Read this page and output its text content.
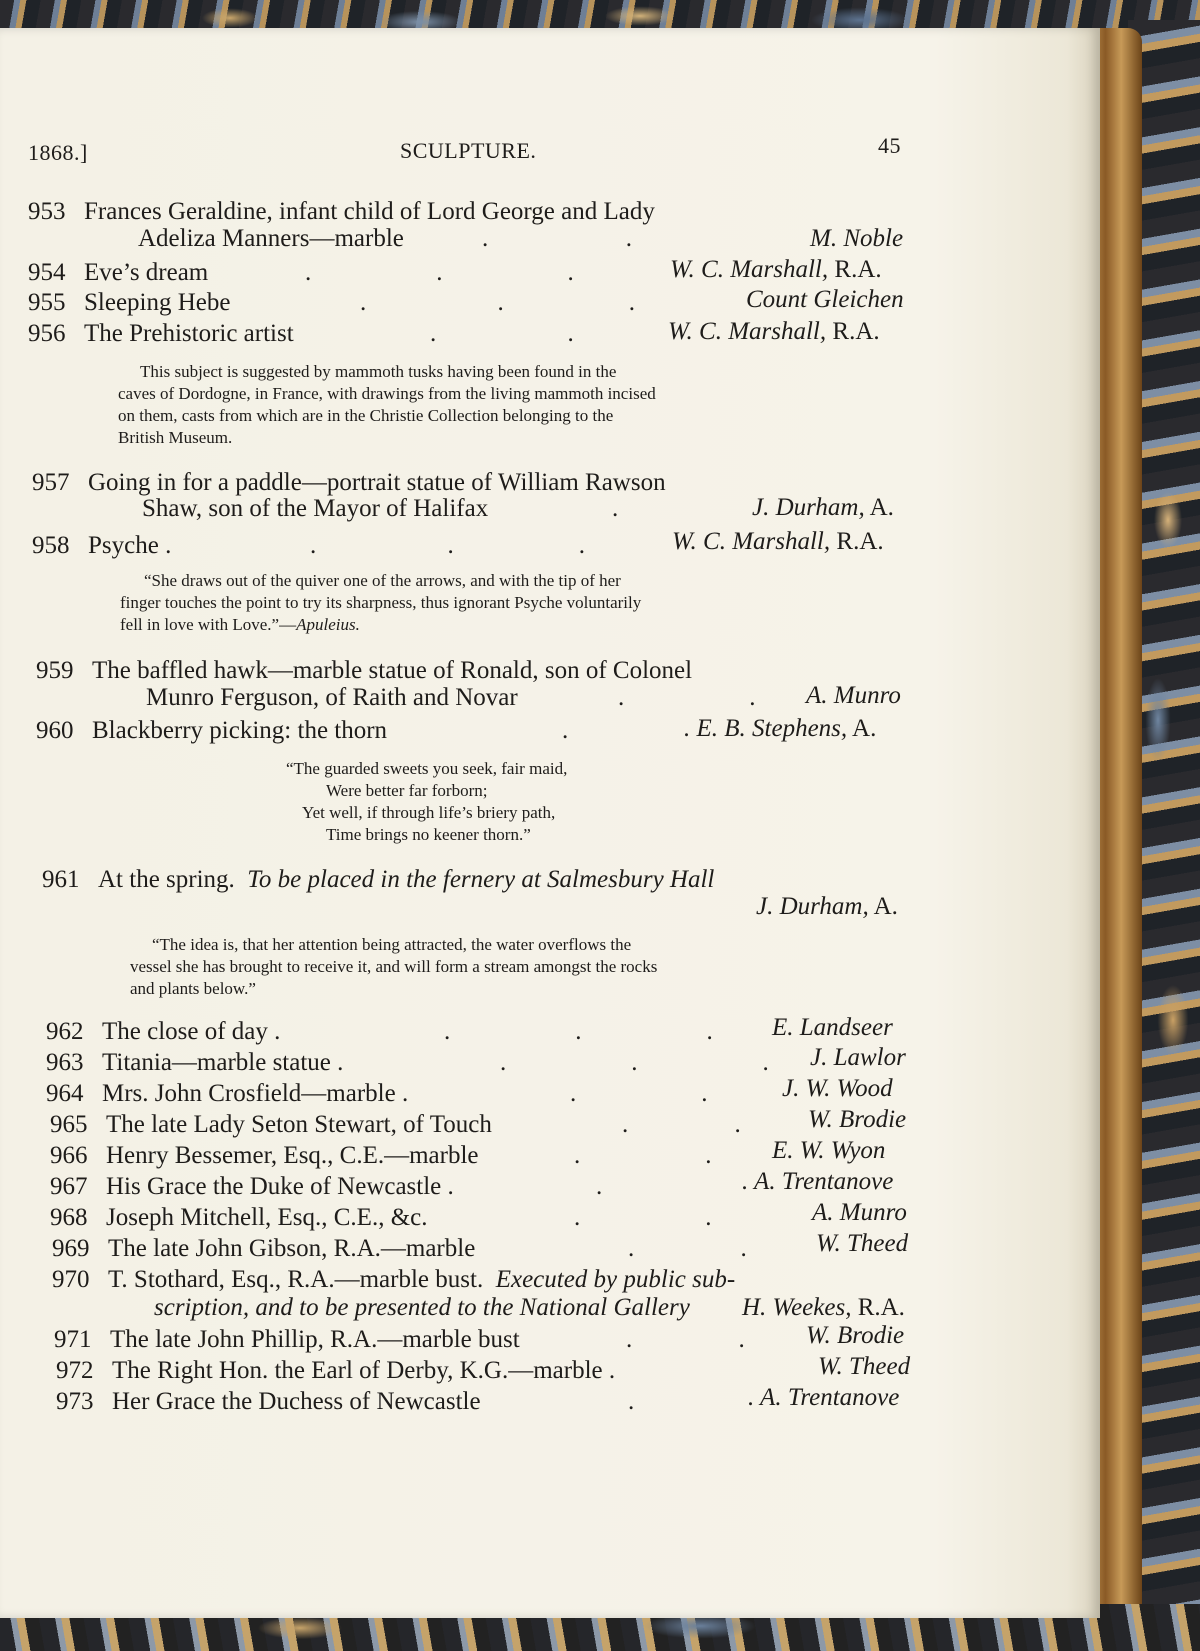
1868.]	SCULPTURE.	45
953 Frances Geraldine, infant child of Lord George and Lady
Adeliza Manners—marble	.                      .	M. Noble
954 Eve’s dream	.                    .                    .	W. C. Marshall, R.A.
955 Sleeping Hebe	.                     .                    .	Count Gleichen
956 The Prehistoric artist	.                     .	W. C. Marshall, R.A.
This subject is suggested by mammoth tusks having been found in the
caves of Dordogne, in France, with drawings from the living mammoth incised
on them, casts from which are in the Christie Collection belonging to the
British Museum.
957 Going in for a paddle—portrait statue of William Rawson
Shaw, son of the Mayor of Halifax	.	J. Durham, A.
958 Psyche .	.                     .                    .	W. C. Marshall, R.A.
“She draws out of the quiver one of the arrows, and with the tip of her
finger touches the point to try its sharpness, thus ignorant Psyche voluntarily
fell in love with Love.”—Apuleius.
959 The baffled hawk—marble statue of Ronald, son of Colonel
Munro Ferguson, of Raith and Novar	.                    . A. Munro
960 Blackberry picking: the thorn	.	. E. B. Stephens, A.
“The guarded sweets you seek, fair maid,
Were better far forborn;
Yet well, if through life’s briery path,
Time brings no keener thorn.”
961 At the spring. To be placed in the fernery at Salmesbury Hall
J. Durham, A.
“The idea is, that her attention being attracted, the water overflows the
vessel she has brought to receive it, and will form a stream amongst the rocks
and plants below.”
962 The close of day .	.                    .                    . E. Landseer
963 Titania—marble statue .	.                    .                    . J. Lawlor
964 Mrs. John Crosfield—marble .	.                    .	J. W. Wood
965 The late Lady Seton Stewart, of Touch	.                 .	W. Brodie
966 Henry Bessemer, Esq., C.E.—marble	.                    . E. W. Wyon
967 His Grace the Duke of Newcastle .	.	. A. Trentanove
968 Joseph Mitchell, Esq., C.E., &c.	.                    .	A. Munro
969 The late John Gibson, R.A.—marble	.                 .	W. Theed
970 T. Stothard, Esq., R.A.—marble bust. Executed by public sub-
scription, and to be presented to the National Gallery H. Weekes, R.A.
971 The late John Phillip, R.A.—marble bust	.                 . W. Brodie
972 The Right Hon. the Earl of Derby, K.G.—marble .	W. Theed
973 Her Grace the Duchess of Newcastle	.	. A. Trentanove
